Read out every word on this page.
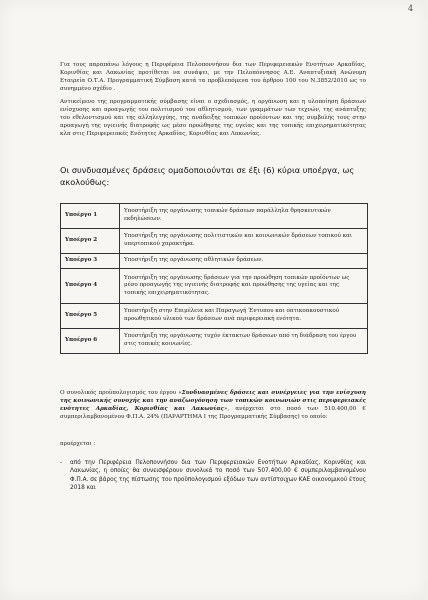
4
Για τους παραπάνω λόγους η Περιφέρεια Πελοποννήσου δια των Περιφερειακών Ενοτήτων Αρκαδίας, Κορινθίας και Λακωνίας προτίθεται να συνάψει, με την Πελοπόννησος Α.Ε. Αναπτυξιακή Ανώνυμη Εταιρεία Ο.Τ.Α. Προγραμματική Σύμβαση κατά τα προβλεπόμενα του άρθρου 100 του Ν.3852/2010 ως το συνημμένο σχέδιο .
Αντικείμενο της προγραμματικής σύμβασης είναι ο σχεδιασμός, η οργάνωση και η υλοποίηση δράσεων ενίσχυσης και προαγωγής του πολιτισμού του αθλητισμού, των γραμμάτων των τεχνών, της ανάπτυξης του εθελοντισμού και της αλληλεγγύης, της ανάδειξης τοπικών προϊόντων και της συμβολής τους στην προαγωγή της υγιεινής διατροφής ως μέσο προώθησης της υγείας και της τοπικής επιχειρηματικότητας κλπ στις Περιφερειακές Ενότητες Αρκαδίας, Κορινθίας και Λακωνίας.
Οι συνδυασμένες δράσεις ομαδοποιούνται σε έξι (6) κύρια υποέργα, ως ακολούθως:
Υποέργο 1	Υποστήριξη της οργάνωσης τοπικών δράσεων παράλληλα θρησκευτικών εκδηλώσεων.
Υποέργο 2	Υποστήριξη της οργάνωσης πολιτιστικών και κοινωνικών δράσεων τοπικού και υπερτοπικού χαρακτήρα.
Υποέργο 3	Υποστήριξη της οργάνωσης αθλητικών δράσεων.
Υποέργο 4	Υποστήριξη της οργάνωσης δράσεων για την προώθηση τοπικών προϊόντων ως μέσο προαγωγής της υγιεινής διατροφής και προώθησης της υγείας και της τοπικής επιχειρηματικότητας.
Υποέργο 5	Υποστήριξη στην Επιμέλεια και Παραγωγή Έντυπου και οπτικοακουστικού προωθητικού υλικού των δράσεων ανά περιφερειακή ενότητα.
Υποέργο 6	Υποστήριξη της οργάνωσης τυχόν έκτακτων δράσεων από τη διάδραση του έργου στις τοπικές κοινωνίες.
Ο συνολικός προϋπολογισμός του έργου «Συνδυασμένες δράσεις και συνέργειες για την ενίσχυση της κοινωνικής συνοχής και την αναζωογόνηση των τοπικών κοινωνιών στις περιφερειακές ενότητες Αρκαδίας, Κορινθίας και Λακωνίας», ανέρχεται στο ποσό των 510.400,00 € συμπεριλαμβανομένου Φ.Π.Α. 24% (ΠΑΡΑΡΤΗΜΑ Ι της Προγραμματικής Σύμβασης) το οποίο:
προέρχεται :
- από την Περιφέρεια Πελοποννήσου δια των Περιφερειακών Ενοτήτων Αρκαδίας, Κορινθίας και Λακωνίας, η οποίες θα συνεισφέρουν συνολικά το ποσό των 507.400,00 € συμπεριλαμβανομένου Φ.Π.Α. σε βάρος της πίστωσης του προϋπολογισμού εξόδων των αντίστοιχων ΚΑΕ οικονομικού έτους 2018 και
